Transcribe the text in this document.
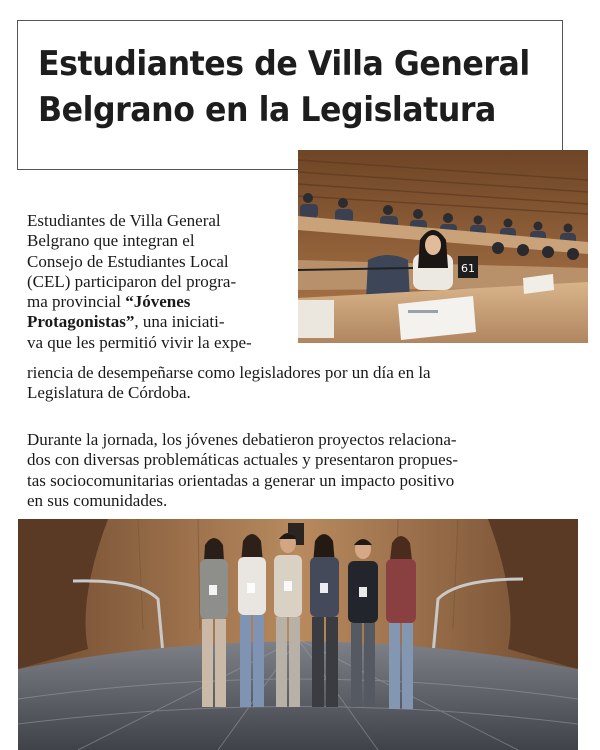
Estudiantes de Villa General
Belgrano en la Legislatura
61
Estudiantes de Villa General
Belgrano que integran el
Consejo de Estudiantes Local
(CEL) participaron del progra-
ma provincial “Jóvenes
Protagonistas”, una iniciati-
va que les permitió vivir la expe-
riencia de desempeñarse como legisladores por un día en la
Legislatura de Córdoba.
Durante la jornada, los jóvenes debatieron proyectos relaciona-
dos con diversas problemáticas actuales y presentaron propues-
tas sociocomunitarias orientadas a generar un impacto positivo
en sus comunidades.
